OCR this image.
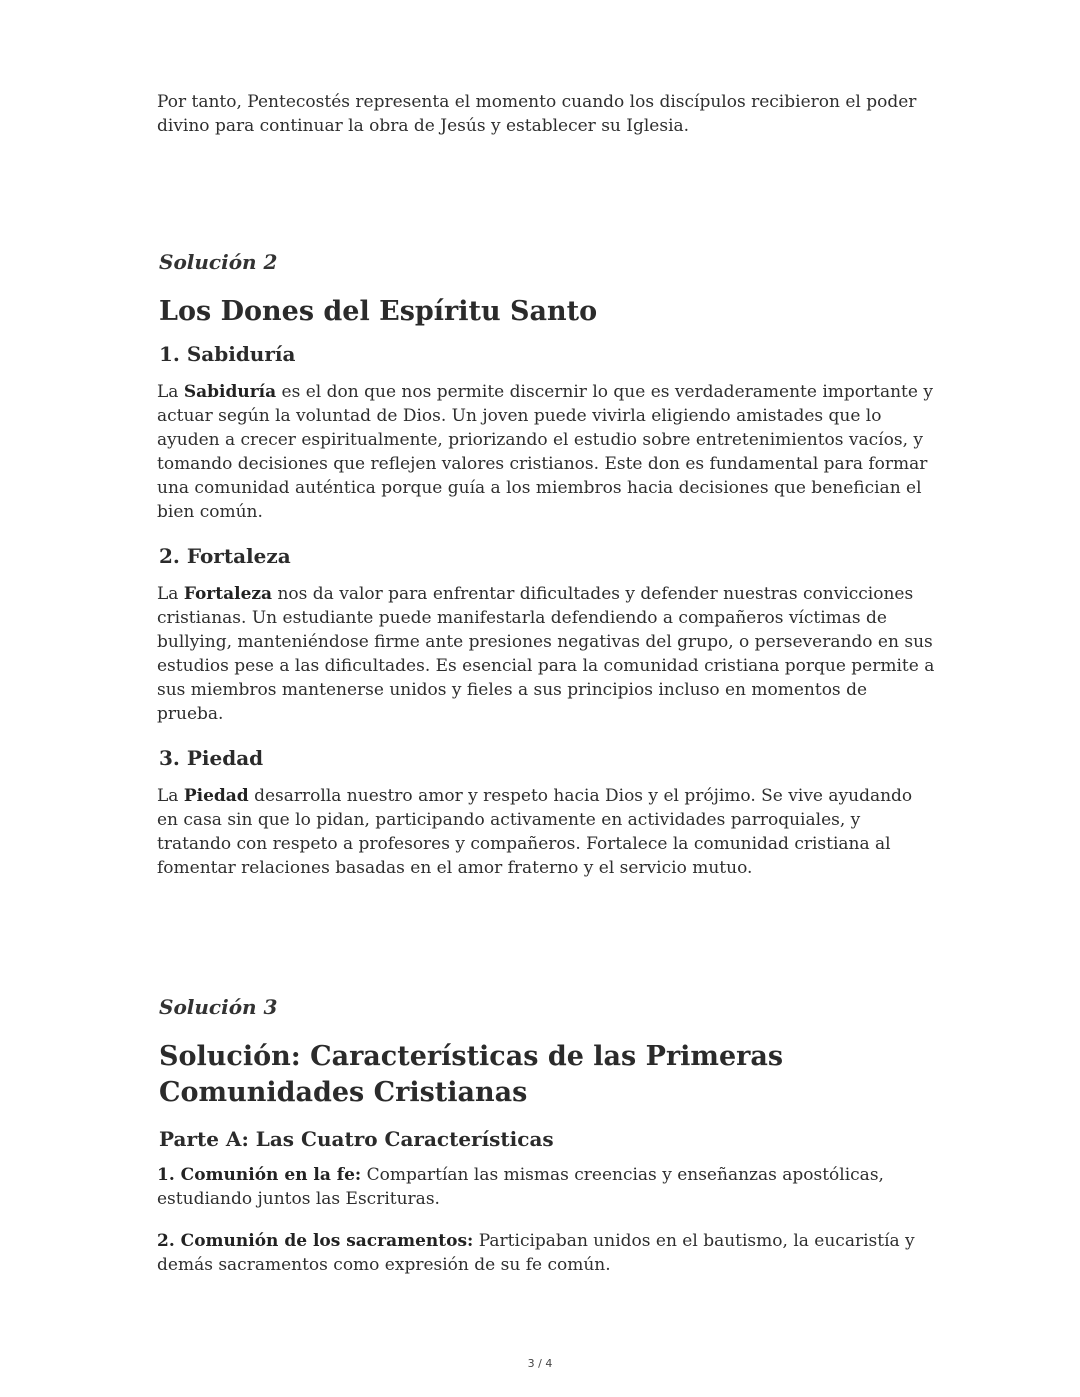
Por tanto, Pentecostés representa el momento cuando los discípulos recibieron el poder divino para continuar la obra de Jesús y establecer su Iglesia.

Solución 2
Los Dones del Espíritu Santo
1. Sabiduría

La Sabiduría es el don que nos permite discernir lo que es verdaderamente importante y actuar según la voluntad de Dios. Un joven puede vivirla eligiendo amistades que lo ayuden a crecer espiritualmente, priorizando el estudio sobre entretenimientos vacíos, y tomando decisiones que reflejen valores cristianos. Este don es fundamental para formar una comunidad auténtica porque guía a los miembros hacia decisiones que benefician el bien común.

2. Fortaleza

La Fortaleza nos da valor para enfrentar dificultades y defender nuestras convicciones cristianas. Un estudiante puede manifestarla defendiendo a compañeros víctimas de bullying, manteniéndose firme ante presiones negativas del grupo, o perseverando en sus estudios pese a las dificultades. Es esencial para la comunidad cristiana porque permite a sus miembros mantenerse unidos y fieles a sus principios incluso en momentos de prueba.

3. Piedad

La Piedad desarrolla nuestro amor y respeto hacia Dios y el prójimo. Se vive ayudando en casa sin que lo pidan, participando activamente en actividades parroquiales, y tratando con respeto a profesores y compañeros. Fortalece la comunidad cristiana al fomentar relaciones basadas en el amor fraterno y el servicio mutuo.

Solución 3
Solución: Características de las Primeras Comunidades Cristianas
Parte A: Las Cuatro Características

1. Comunión en la fe: Compartían las mismas creencias y enseñanzas apostólicas, estudiando juntos las Escrituras.

2. Comunión de los sacramentos: Participaban unidos en el bautismo, la eucaristía y demás sacramentos como expresión de su fe común.

3 / 4
